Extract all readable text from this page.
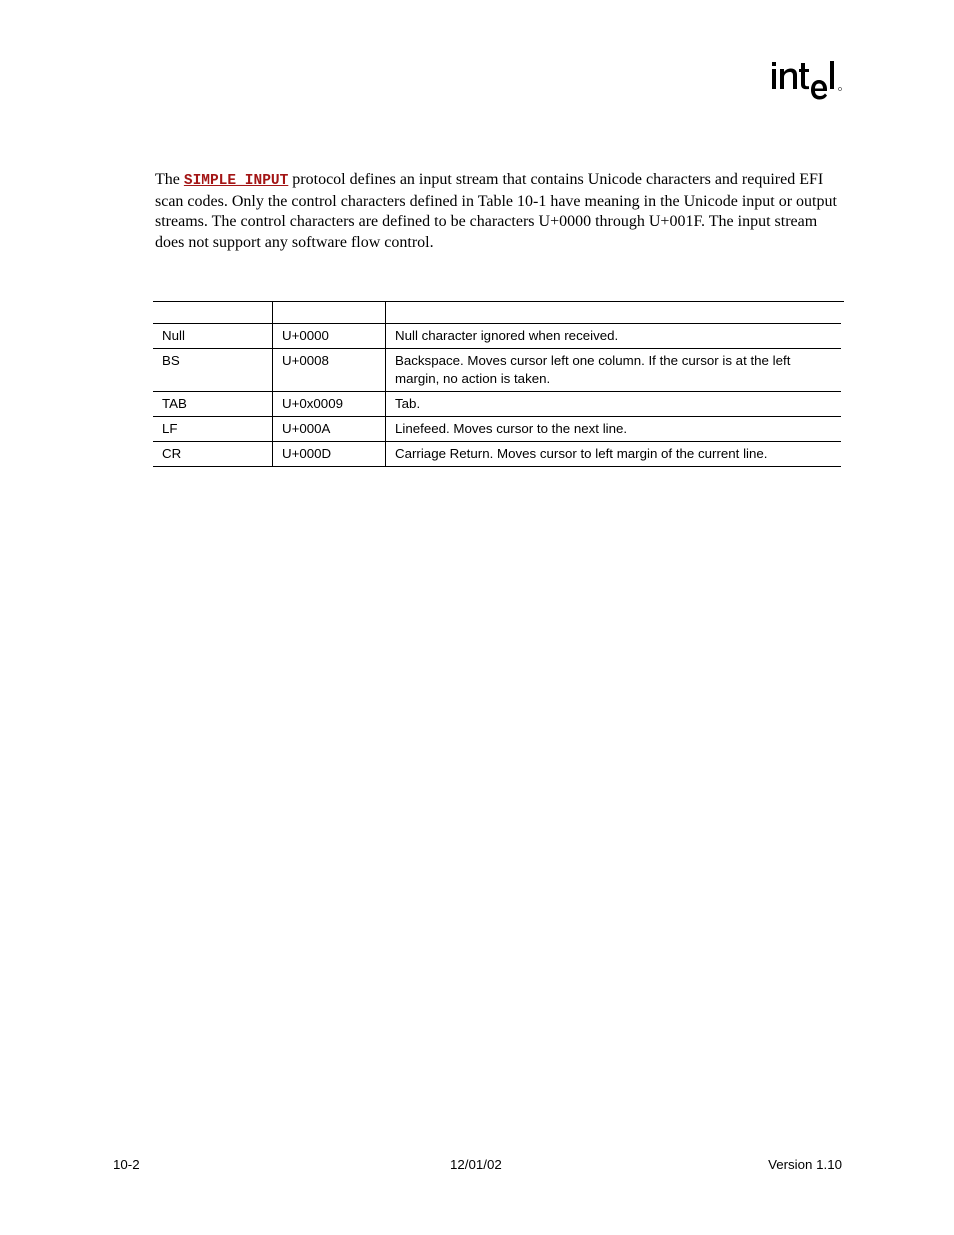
The SIMPLE_INPUT protocol defines an input stream that contains Unicode characters and required EFI scan codes. Only the control characters defined in Table 10-1 have meaning in the Unicode input or output streams. The control characters are defined to be characters U+0000 through U+001F. The input stream does not support any software flow control.

Null	U+0000	Null character ignored when received.
BS	U+0008	Backspace. Moves cursor left one column. If the cursor is at the left margin, no action is taken.
TAB	U+0x0009	Tab.
LF	U+000A	Linefeed. Moves cursor to the next line.
CR	U+000D	Carriage Return. Moves cursor to left margin of the current line.
10-2	12/01/02	Version 1.10
